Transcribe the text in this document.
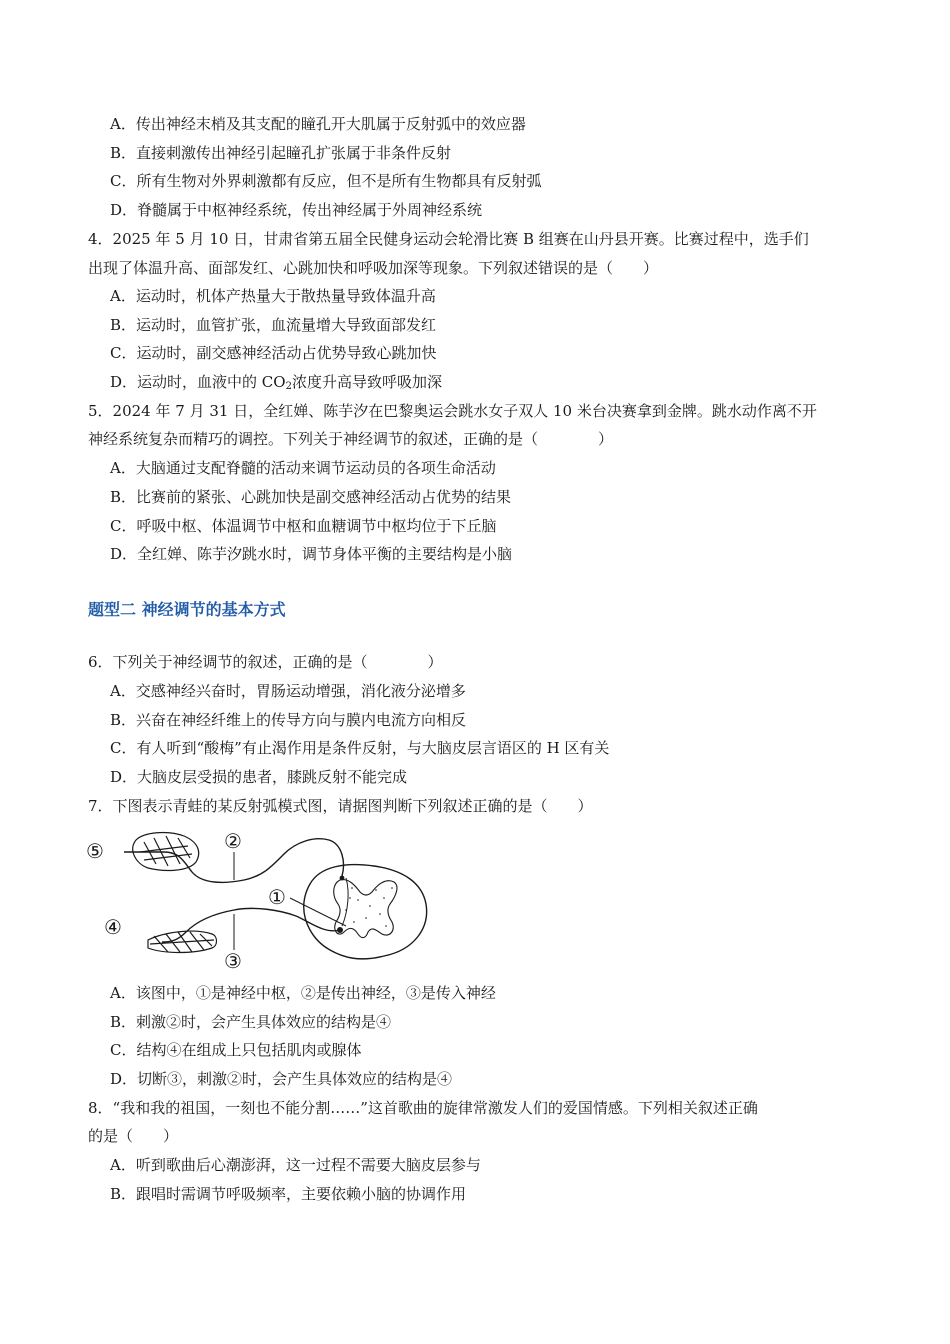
A．传出神经末梢及其支配的瞳孔开大肌属于反射弧中的效应器
B．直接刺激传出神经引起瞳孔扩张属于非条件反射
C．所有生物对外界刺激都有反应，但不是所有生物都具有反射弧
D．脊髓属于中枢神经系统，传出神经属于外周神经系统
4．2025 年 5 月 10 日，甘肃省第五届全民健身运动会轮滑比赛 B 组赛在山丹县开赛。比赛过程中，选手们
出现了体温升高、面部发红、心跳加快和呼吸加深等现象。下列叙述错误的是（　　）
A．运动时，机体产热量大于散热量导致体温升高
B．运动时，血管扩张，血流量增大导致面部发红
C．运动时，副交感神经活动占优势导致心跳加快
D．运动时，血液中的 $CO_2$浓度升高导致呼吸加深
5．2024 年 7 月 31 日，全红婵、陈芋汐在巴黎奥运会跳水女子双人 10 米台决赛拿到金牌。跳水动作离不开
神经系统复杂而精巧的调控。下列关于神经调节的叙述，正确的是（　　　　）
A．大脑通过支配脊髓的活动来调节运动员的各项生命活动
B．比赛前的紧张、心跳加快是副交感神经活动占优势的结果
C．呼吸中枢、体温调节中枢和血糖调节中枢均位于下丘脑
D．全红婵、陈芋汐跳水时，调节身体平衡的主要结构是小脑
题型二 神经调节的基本方式
6．下列关于神经调节的叙述，正确的是（　　　　）
A．交感神经兴奋时，胃肠运动增强，消化液分泌增多
B．兴奋在神经纤维上的传导方向与膜内电流方向相反
C．有人听到“酸梅”有止渴作用是条件反射，与大脑皮层言语区的 H 区有关
D．大脑皮层受损的患者，膝跳反射不能完成
7．下图表示青蛙的某反射弧模式图，请据图判断下列叙述正确的是（　　）
⑤	②
①
④
③
A．该图中，①是神经中枢，②是传出神经，③是传入神经
B．刺激②时，会产生具体效应的结构是④
C．结构④在组成上只包括肌肉或腺体
D．切断③，刺激②时，会产生具体效应的结构是④
8．“我和我的祖国，一刻也不能分割……”这首歌曲的旋律常激发人们的爱国情感。下列相关叙述正确
的是（　　）
A．听到歌曲后心潮澎湃，这一过程不需要大脑皮层参与
B．跟唱时需调节呼吸频率，主要依赖小脑的协调作用
